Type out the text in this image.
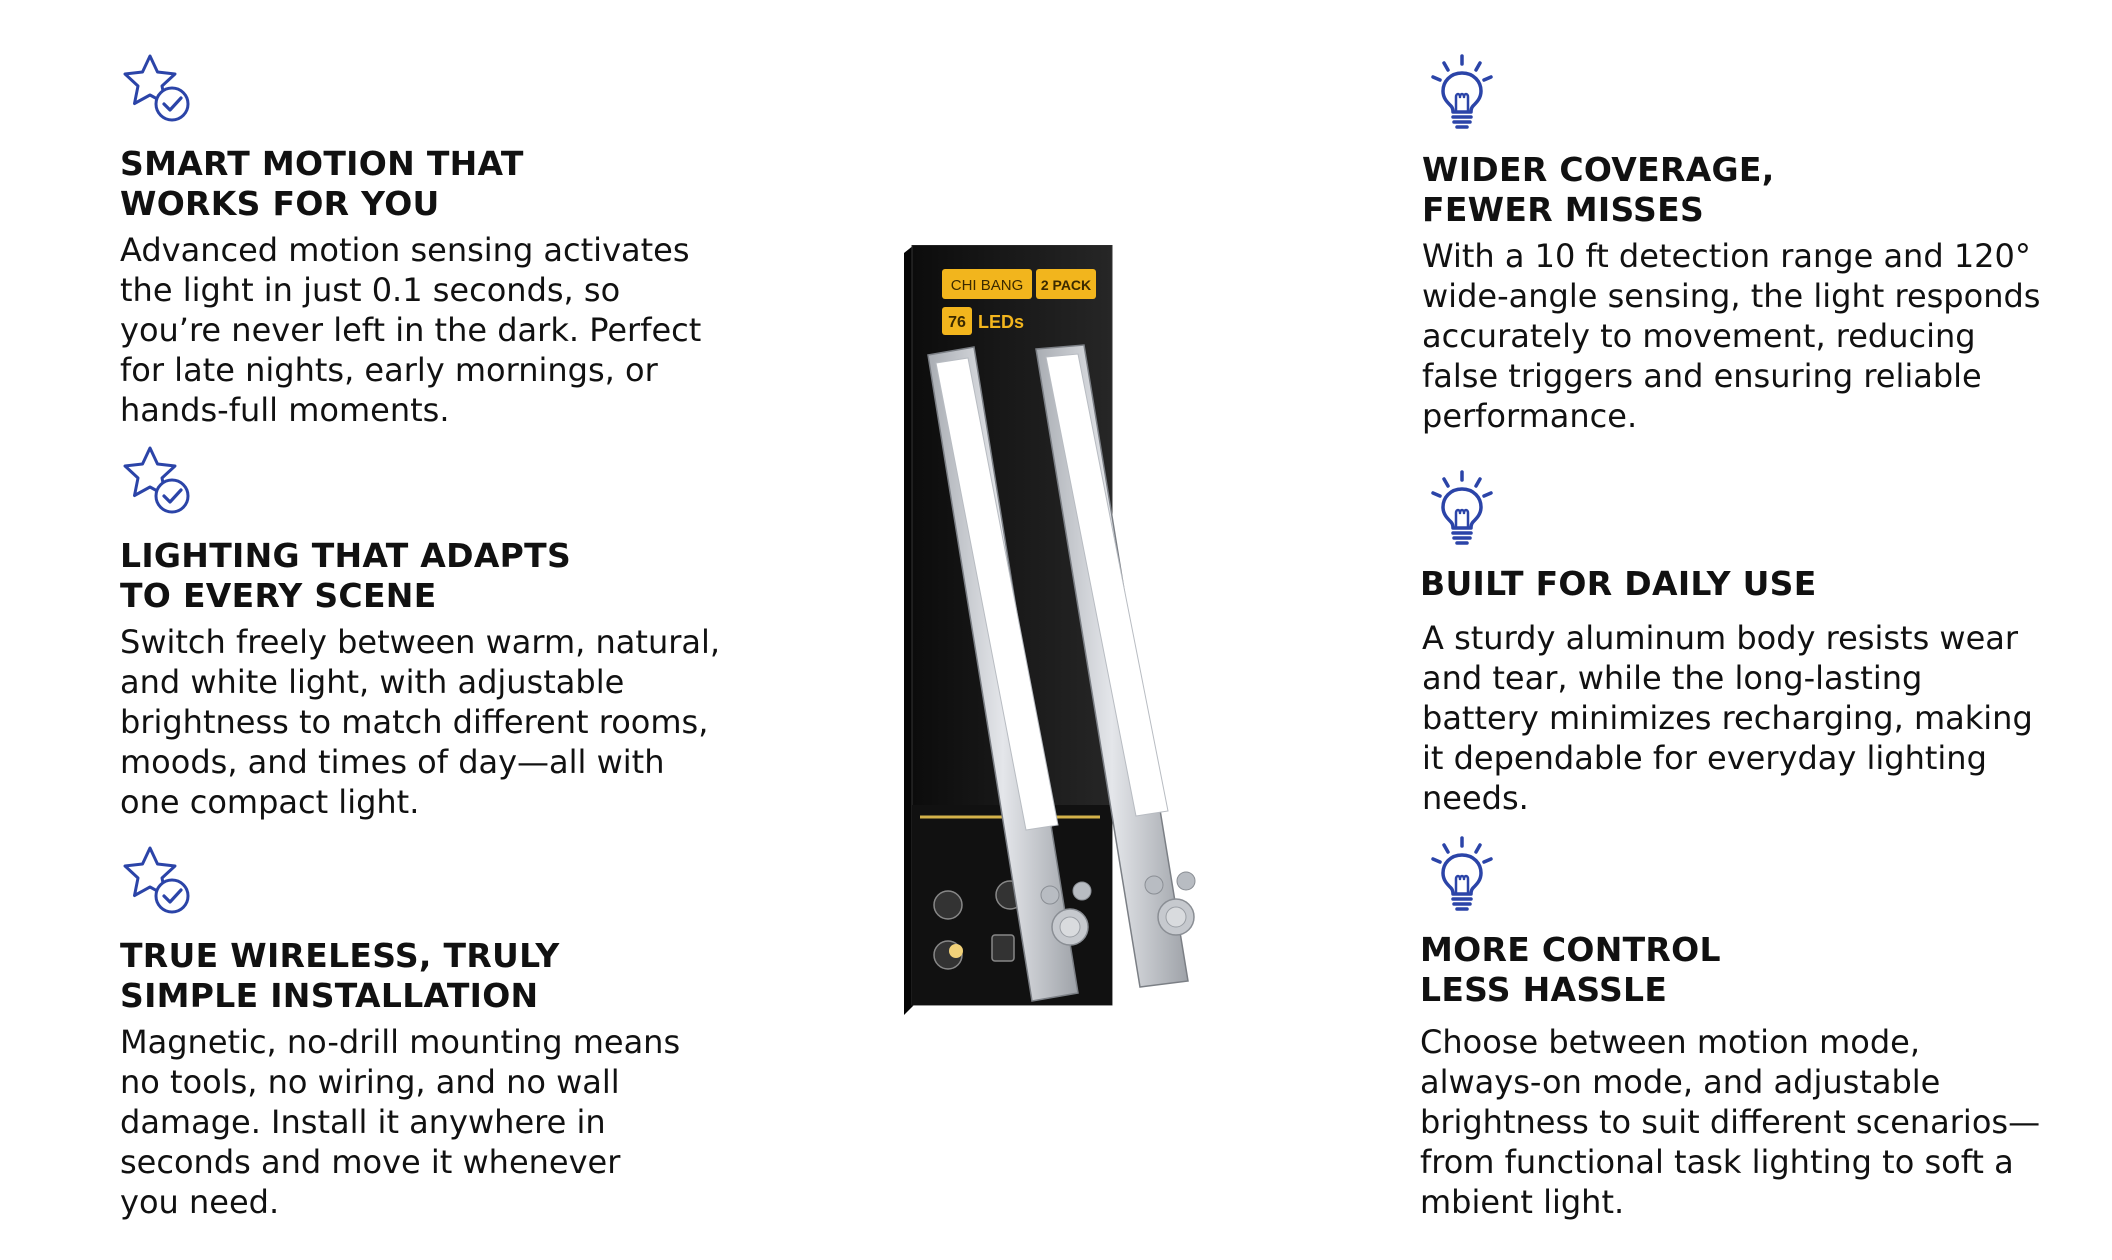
SMART MOTION THAT
WORKS FOR YOU

Advanced motion sensing activates
the light in just 0.1 seconds, so
you’re never left in the dark. Perfect
for late nights, early mornings, or
hands-full moments.

LIGHTING THAT ADAPTS
TO EVERY SCENE

Switch freely between warm, natural,
and white light, with adjustable
brightness to match different rooms,
moods, and times of day—all with
one compact light.

TRUE WIRELESS, TRULY
SIMPLE INSTALLATION

Magnetic, no-drill mounting means
no tools, no wiring, and no wall
damage. Install it anywhere in
seconds and move it whenever
you need.

WIDER COVERAGE,
FEWER MISSES

With a 10 ft detection range and 120°
wide-angle sensing, the light responds
accurately to movement, reducing
false triggers and ensuring reliable
performance.

BUILT FOR DAILY USE

A sturdy aluminum body resists wear
and tear, while the long-lasting
battery minimizes recharging, making
it dependable for everyday lighting
needs.

MORE CONTROL
LESS HASSLE

Choose between motion mode,
always-on mode, and adjustable
brightness to suit different scenarios—
from functional task lighting to soft a
mbient light.

CHI BANG 2 PACK
76 LEDs
